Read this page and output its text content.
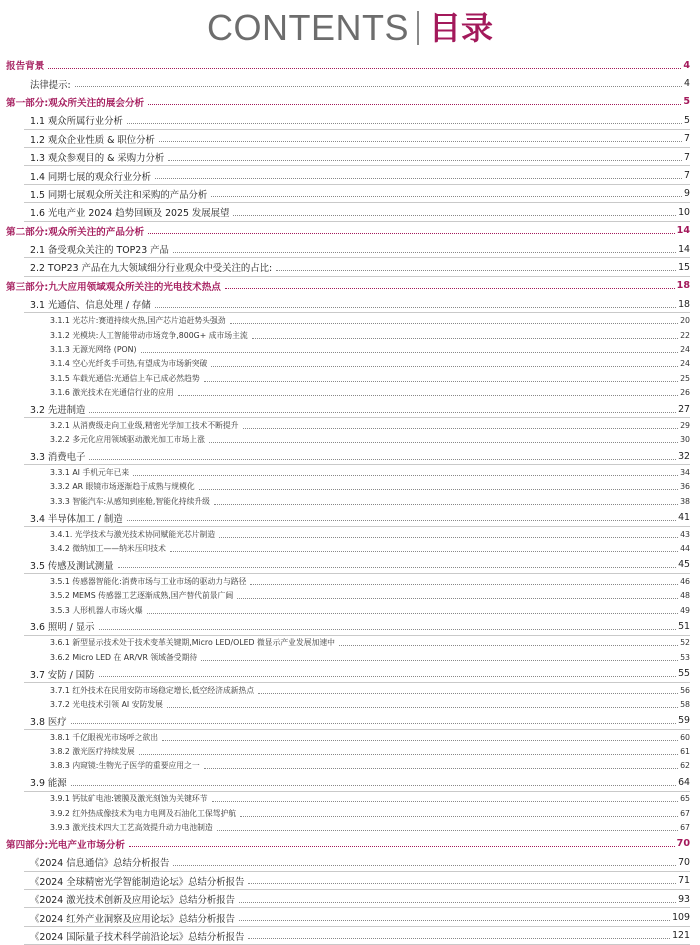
CONTENTS 目录
报告背景	4
法律提示:	4
第一部分:观众所关注的展会分析	5
1.1 观众所属行业分析	5
1.2 观众企业性质 & 职位分析	7
1.3 观众参观目的 & 采购力分析	7
1.4 同期七展的观众行业分析	7
1.5 同期七展观众所关注和采购的产品分析	9
1.6 光电产业 2024 趋势回顾及 2025 发展展望	10
第二部分:观众所关注的产品分析	14
2.1 备受观众关注的 TOP23 产品	14
2.2 TOP23 产品在九大领域细分行业观众中受关注的占比:	15
第三部分:九大应用领域观众所关注的光电技术热点	18
3.1 光通信、信息处理 / 存储	18
3.1.1 光芯片:赛道持续火热,国产芯片追赶势头强劲	20
3.1.2 光模块:人工智能带动市场竞争,800G+ 成市场主流	22
3.1.3 无源光网络 (PON)	24
3.1.4 空心光纤炙手可热,有望成为市场新突破	24
3.1.5 车载光通信:光通信上车已成必然趋势	25
3.1.6 激光技术在光通信行业的应用	26
3.2 先进制造	27
3.2.1 从消费级走向工业级,精密光学加工技术不断提升	29
3.2.2 多元化应用领域驱动激光加工市场上涨	30
3.3 消费电子	32
3.3.1 AI 手机元年已来	34
3.3.2 AR 眼镜市场逐渐趋于成熟与规模化	36
3.3.3 智能汽车:从感知到座舱,智能化持续升级	38
3.4 半导体加工 / 制造	41
3.4.1. 光学技术与激光技术协同赋能光芯片制造	43
3.4.2 微纳加工——纳米压印技术	44
3.5 传感及测试测量	45
3.5.1 传感器智能化:消费市场与工业市场的驱动力与路径	46
3.5.2 MEMS 传感器工艺逐渐成熟,国产替代前景广阔	48
3.5.3 人形机器人市场火爆	49
3.6 照明 / 显示	51
3.6.1 新型显示技术处于技术变革关键期,Micro LED/OLED 微显示产业发展加速中	52
3.6.2 Micro LED 在 AR/VR 领域备受期待	53
3.7 安防 / 国防	55
3.7.1 红外技术在民用安防市场稳定增长,低空经济成新热点	56
3.7.2 光电技术引领 AI 安防发展	58
3.8 医疗	59
3.8.1 千亿眼视光市场呼之欲出	60
3.8.2 激光医疗持续发展	61
3.8.3 内窥镜:生物光子医学的重要应用之一	62
3.9 能源	64
3.9.1 钙钛矿电池:镀膜及激光刻蚀为关键环节	65
3.9.2 红外热成像技术为电力电网及石油化工保驾护航	67
3.9.3 激光技术四大工艺高效提升动力电池制造	67
第四部分:光电产业市场分析	70
《2024 信息通信》总结分析报告	70
《2024 全球精密光学智能制造论坛》总结分析报告	71
《2024 激光技术创新及应用论坛》总结分析报告	93
《2024 红外产业洞察及应用论坛》总结分析报告	109
《2024 国际量子技术科学前沿论坛》总结分析报告	121
